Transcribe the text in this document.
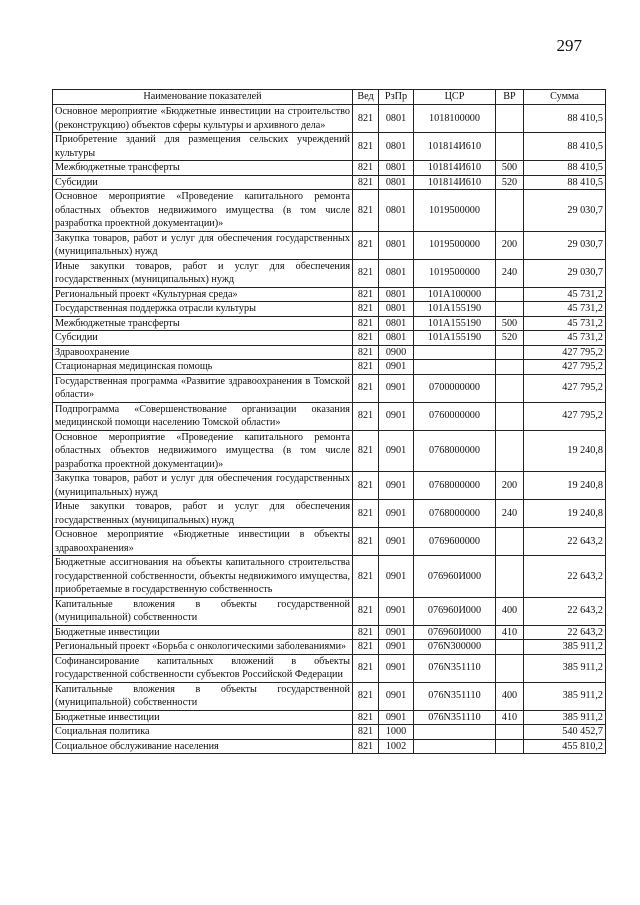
297
Наименование показателей	Вед	РзПр	ЦСР	ВР	Сумма
Основное мероприятие «Бюджетные инвестиции на строительство (реконструкцию) объектов сферы культуры и архивного дела»	821	0801	1018100000		88 410,5
Приобретение зданий для размещения сельских учреждений культуры	821	0801	101814И610		88 410,5
Межбюджетные трансферты	821	0801	101814И610	500	88 410,5
Субсидии	821	0801	101814И610	520	88 410,5
Основное мероприятие «Проведение капитального ремонта областных объектов недвижимого имущества (в том числе разработка проектной документации)»	821	0801	1019500000		29 030,7
Закупка товаров, работ и услуг для обеспечения государственных (муниципальных) нужд	821	0801	1019500000	200	29 030,7
Иные закупки товаров, работ и услуг для обеспечения государственных (муниципальных) нужд	821	0801	1019500000	240	29 030,7
Региональный проект «Культурная среда»	821	0801	101A100000		45 731,2
Государственная поддержка отрасли культуры	821	0801	101A155190		45 731,2
Межбюджетные трансферты	821	0801	101A155190	500	45 731,2
Субсидии	821	0801	101A155190	520	45 731,2
Здравоохранение	821	0900			427 795,2
Стационарная медицинская помощь	821	0901			427 795,2
Государственная программа «Развитие здравоохранения в Томской области»	821	0901	0700000000		427 795,2
Подпрограмма «Совершенствование организации оказания медицинской помощи населению Томской области»	821	0901	0760000000		427 795,2
Основное мероприятие «Проведение капитального ремонта областных объектов недвижимого имущества (в том числе разработка проектной документации)»	821	0901	0768000000		19 240,8
Закупка товаров, работ и услуг для обеспечения государственных (муниципальных) нужд	821	0901	0768000000	200	19 240,8
Иные закупки товаров, работ и услуг для обеспечения государственных (муниципальных) нужд	821	0901	0768000000	240	19 240,8
Основное мероприятие «Бюджетные инвестиции в объекты здравоохранения»	821	0901	0769600000		22 643,2
Бюджетные ассигнования на объекты капитального строительства государственной собственности, объекты недвижимого имущества, приобретаемые в государственную собственность	821	0901	076960И000		22 643,2
Капитальные вложения в объекты государственной (муниципальной) собственности	821	0901	076960И000	400	22 643,2
Бюджетные инвестиции	821	0901	076960И000	410	22 643,2
Региональный проект «Борьба с онкологическими заболеваниями»	821	0901	076N300000		385 911,2
Софинансирование капитальных вложений в объекты государственной собственности субъектов Российской Федерации	821	0901	076N351110		385 911,2
Капитальные вложения в объекты государственной (муниципальной) собственности	821	0901	076N351110	400	385 911,2
Бюджетные инвестиции	821	0901	076N351110	410	385 911,2
Социальная политика	821	1000			540 452,7
Социальное обслуживание населения	821	1002			455 810,2
